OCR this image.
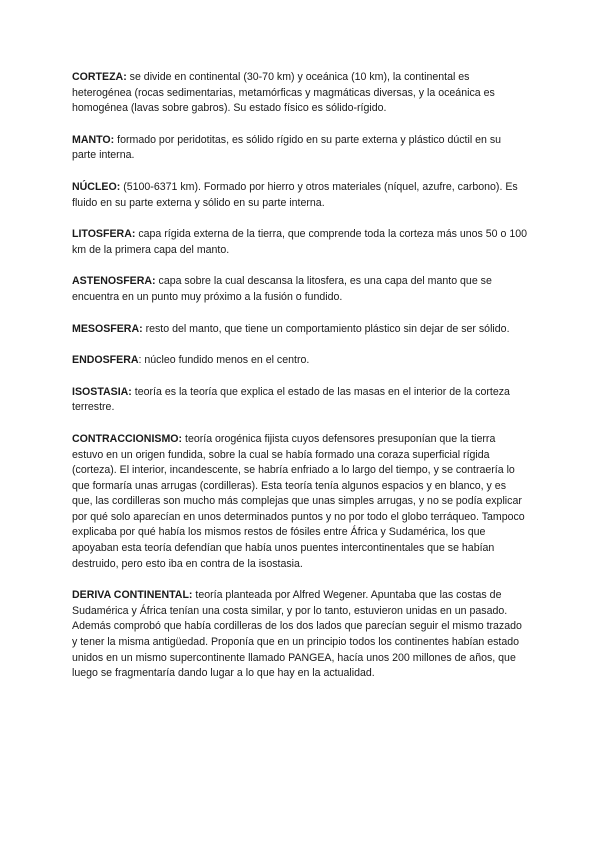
CORTEZA: se divide en continental (30-70 km) y oceánica (10 km), la continental es heterogénea (rocas sedimentarias, metamórficas y magmáticas diversas, y la oceánica es homogénea (lavas sobre gabros). Su estado físico es sólido-rígido.

MANTO: formado por peridotitas, es sólido rígido en su parte externa y plástico dúctil en su parte interna.

NÚCLEO: (5100-6371 km). Formado por hierro y otros materiales (níquel, azufre, carbono). Es fluido en su parte externa y sólido en su parte interna.

LITOSFERA: capa rígida externa de la tierra, que comprende toda la corteza más unos 50 o 100 km de la primera capa del manto.

ASTENOSFERA: capa sobre la cual descansa la litosfera, es una capa del manto que se encuentra en un punto muy próximo a la fusión o fundido.

MESOSFERA: resto del manto, que tiene un comportamiento plástico sin dejar de ser sólido.

ENDOSFERA: núcleo fundido menos en el centro.

ISOSTASIA: teoría es la teoría que explica el estado de las masas en el interior de la corteza terrestre.

CONTRACCIONISMO: teoría orogénica fijista cuyos defensores presuponían que la tierra estuvo en un origen fundida, sobre la cual se había formado una coraza superficial rígida (corteza). El interior, incandescente, se habría enfriado a lo largo del tiempo, y se contraería lo que formaría unas arrugas (cordilleras). Esta teoría tenía algunos espacios y en blanco, y es que, las cordilleras son mucho más complejas que unas simples arrugas, y no se podía explicar por qué solo aparecían en unos determinados puntos y no por todo el globo terráqueo. Tampoco explicaba por qué había los mismos restos de fósiles entre África y Sudamérica, los que apoyaban esta teoría defendían que había unos puentes intercontinentales que se habían destruido, pero esto iba en contra de la isostasia.

DERIVA CONTINENTAL: teoría planteada por Alfred Wegener. Apuntaba que las costas de Sudamérica y África tenían una costa similar, y por lo tanto, estuvieron unidas en un pasado. Además comprobó que había cordilleras de los dos lados que parecían seguir el mismo trazado y tener la misma antigüedad. Proponía que en un principio todos los continentes habían estado unidos en un mismo supercontinente llamado PANGEA, hacía unos 200 millones de años, que luego se fragmentaría dando lugar a lo que hay en la actualidad.
